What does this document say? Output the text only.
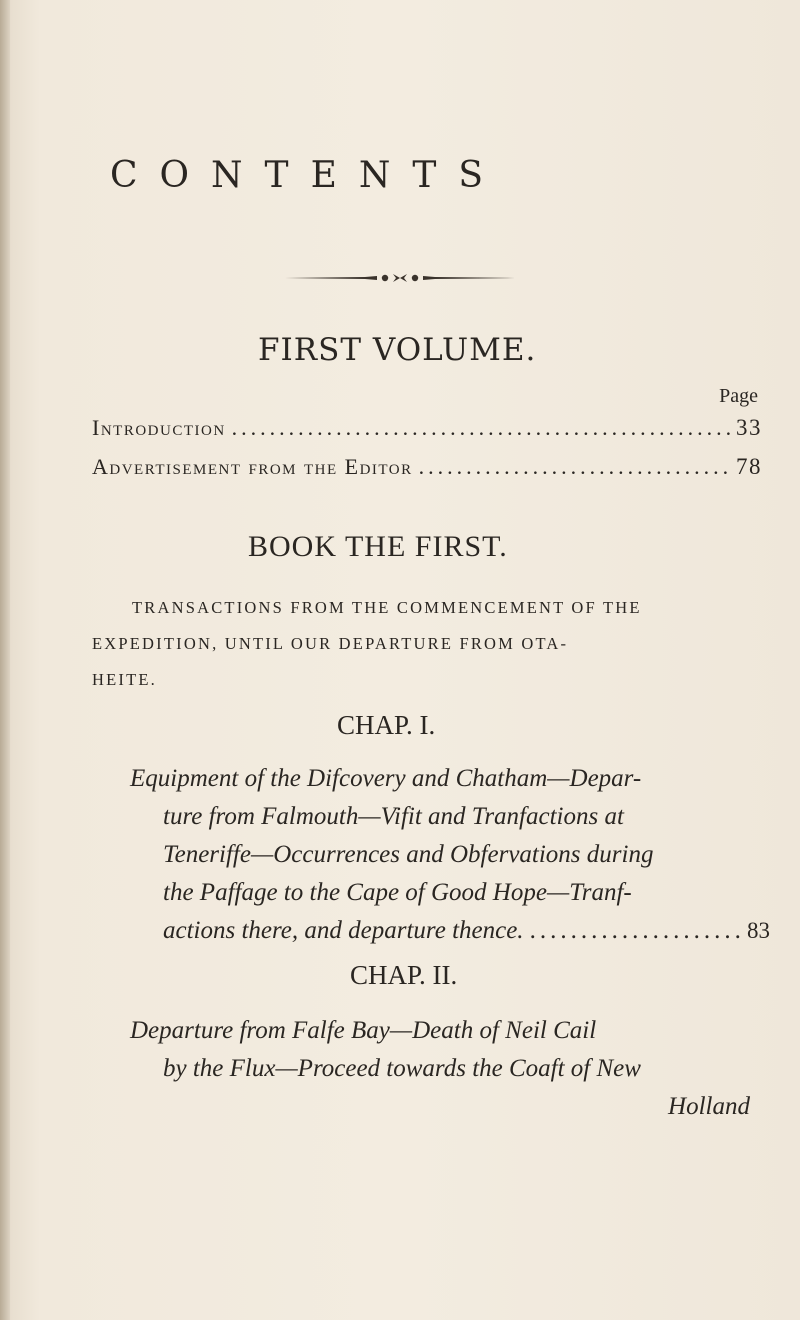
CONTENTS
FIRST VOLUME.
Page
Introduction .....	33
Advertisement from the Editor .....	78
BOOK THE FIRST.
TRANSACTIONS FROM THE COMMENCEMENT OF THE
EXPEDITION, UNTIL OUR DEPARTURE FROM OTA-
HEITE.
CHAP. I.
Equipment of the Difcovery and Chatham—Depar-
ture from Falmouth—Vifit and Tranfactions at
Teneriffe—Occurrences and Obfervations during
the Paffage to the Cape of Good Hope—Tranf-
actions there, and departure thence. .....	83
CHAP. II.
Departure from Falfe Bay—Death of Neil Cail
by the Flux—Proceed towards the Coaft of New
Holland
